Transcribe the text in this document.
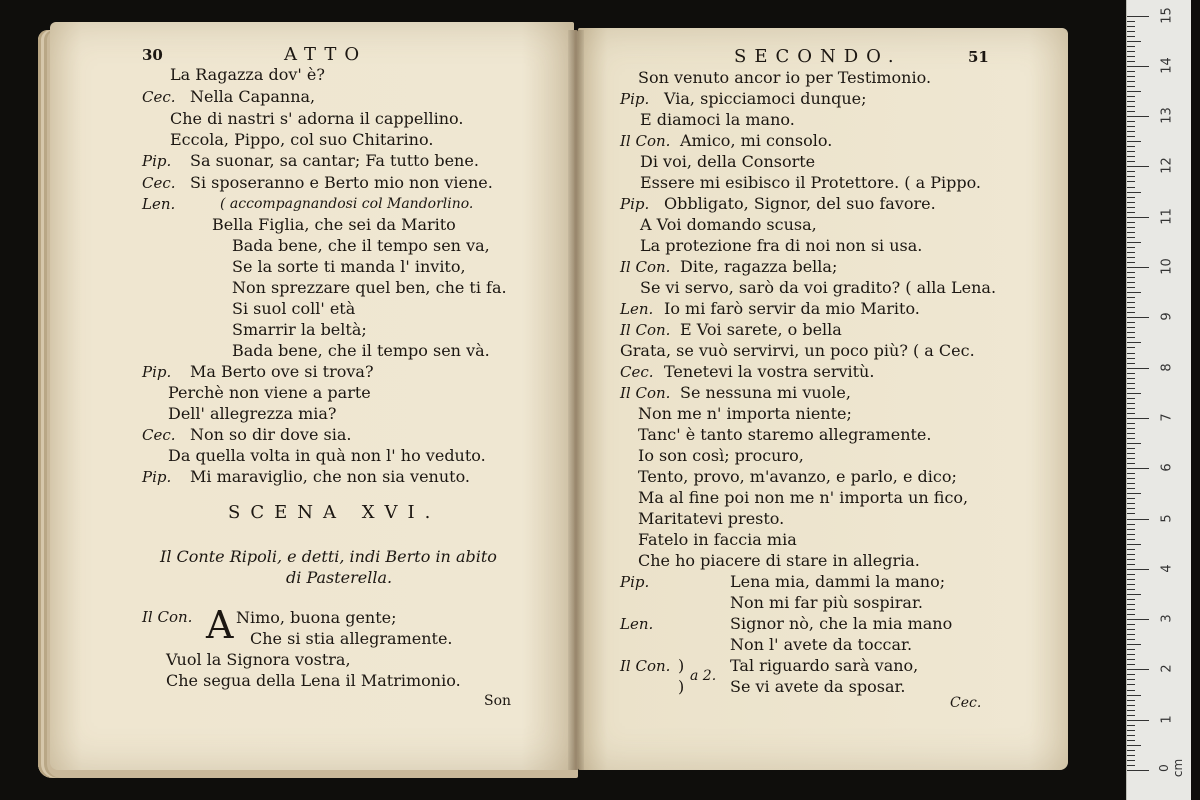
30	ATTO
Cec.
La Ragazza dov' è?
Nella Capanna,
Che di nastri s' adorna il cappellino.
Eccola, Pippo, col suo Chitarino.
Pip. Sa suonar, sa cantar; Fa tutto bene.
Cec. Si sposeranno e Berto mio non viene.
Len.	( accompagnandosi col Mandorlino.
Bella Figlia, che sei da Marito
Bada bene, che il tempo sen va,
Se la sorte ti manda l' invito,
Non sprezzare quel ben, che ti fa.
Si suol coll' età
Smarrir la beltà;
Bada bene, che il tempo sen và.
Pip. Ma Berto ove si trova?
Perchè non viene a parte
Dell' allegrezza mia?
Cec. Non so dir dove sia.
Da quella volta in quà non l' ho veduto.
Pip. Mi maraviglio, che non sia venuto.
SCENA XVI.
Il Conte Ripoli, e detti, indi Berto in abito
di Pasterella.
Il Con. A Nimo, buona gente;
Che si stia allegramente.
Vuol la Signora vostra,
Che segua della Lena il Matrimonio.
Son
SECONDO.	51
Son venuto ancor io per Testimonio.
Pip. Via, spicciamoci dunque;
E diamoci la mano.
Il Con. Amico, mi consolo.
Di voi, della Consorte
Essere mi esibisco il Protettore. ( a Pippo.
Pip. Obbligato, Signor, del suo favore.
A Voi domando scusa,
La protezione fra di noi non si usa.
Il Con. Dite, ragazza bella;
Se vi servo, sarò da voi gradito? ( alla Lena.
Len. Io mi farò servir da mio Marito.
Il Con. E Voi sarete, o bella
Grata, se vuò servirvi, un poco più? ( a Cec.
Cec. Tenetevi la vostra servitù.
Il Con. Se nessuna mi vuole,
Non me n' importa niente;
Tanc' è tanto staremo allegramente.
Io son così; procuro,
Tento, provo, m'avanzo, e parlo, e dico;
Ma al fine poi non me n' importa un fico,
Maritatevi presto.
Fatelo in faccia mia
Che ho piacere di stare in allegria.
Pip.	Lena mia, dammi la mano;
Non mi far più sospirar.
Len.	Signor nò, che la mia mano
Non l' avete da toccar.
Il Con.	Tal riguardo sarà vano,
Se vi avete da sposar.
a 2.
)
)
Cec.
1
2
3
4
5
6
7
8
9
10
11
12
13
14
15
0 cm
